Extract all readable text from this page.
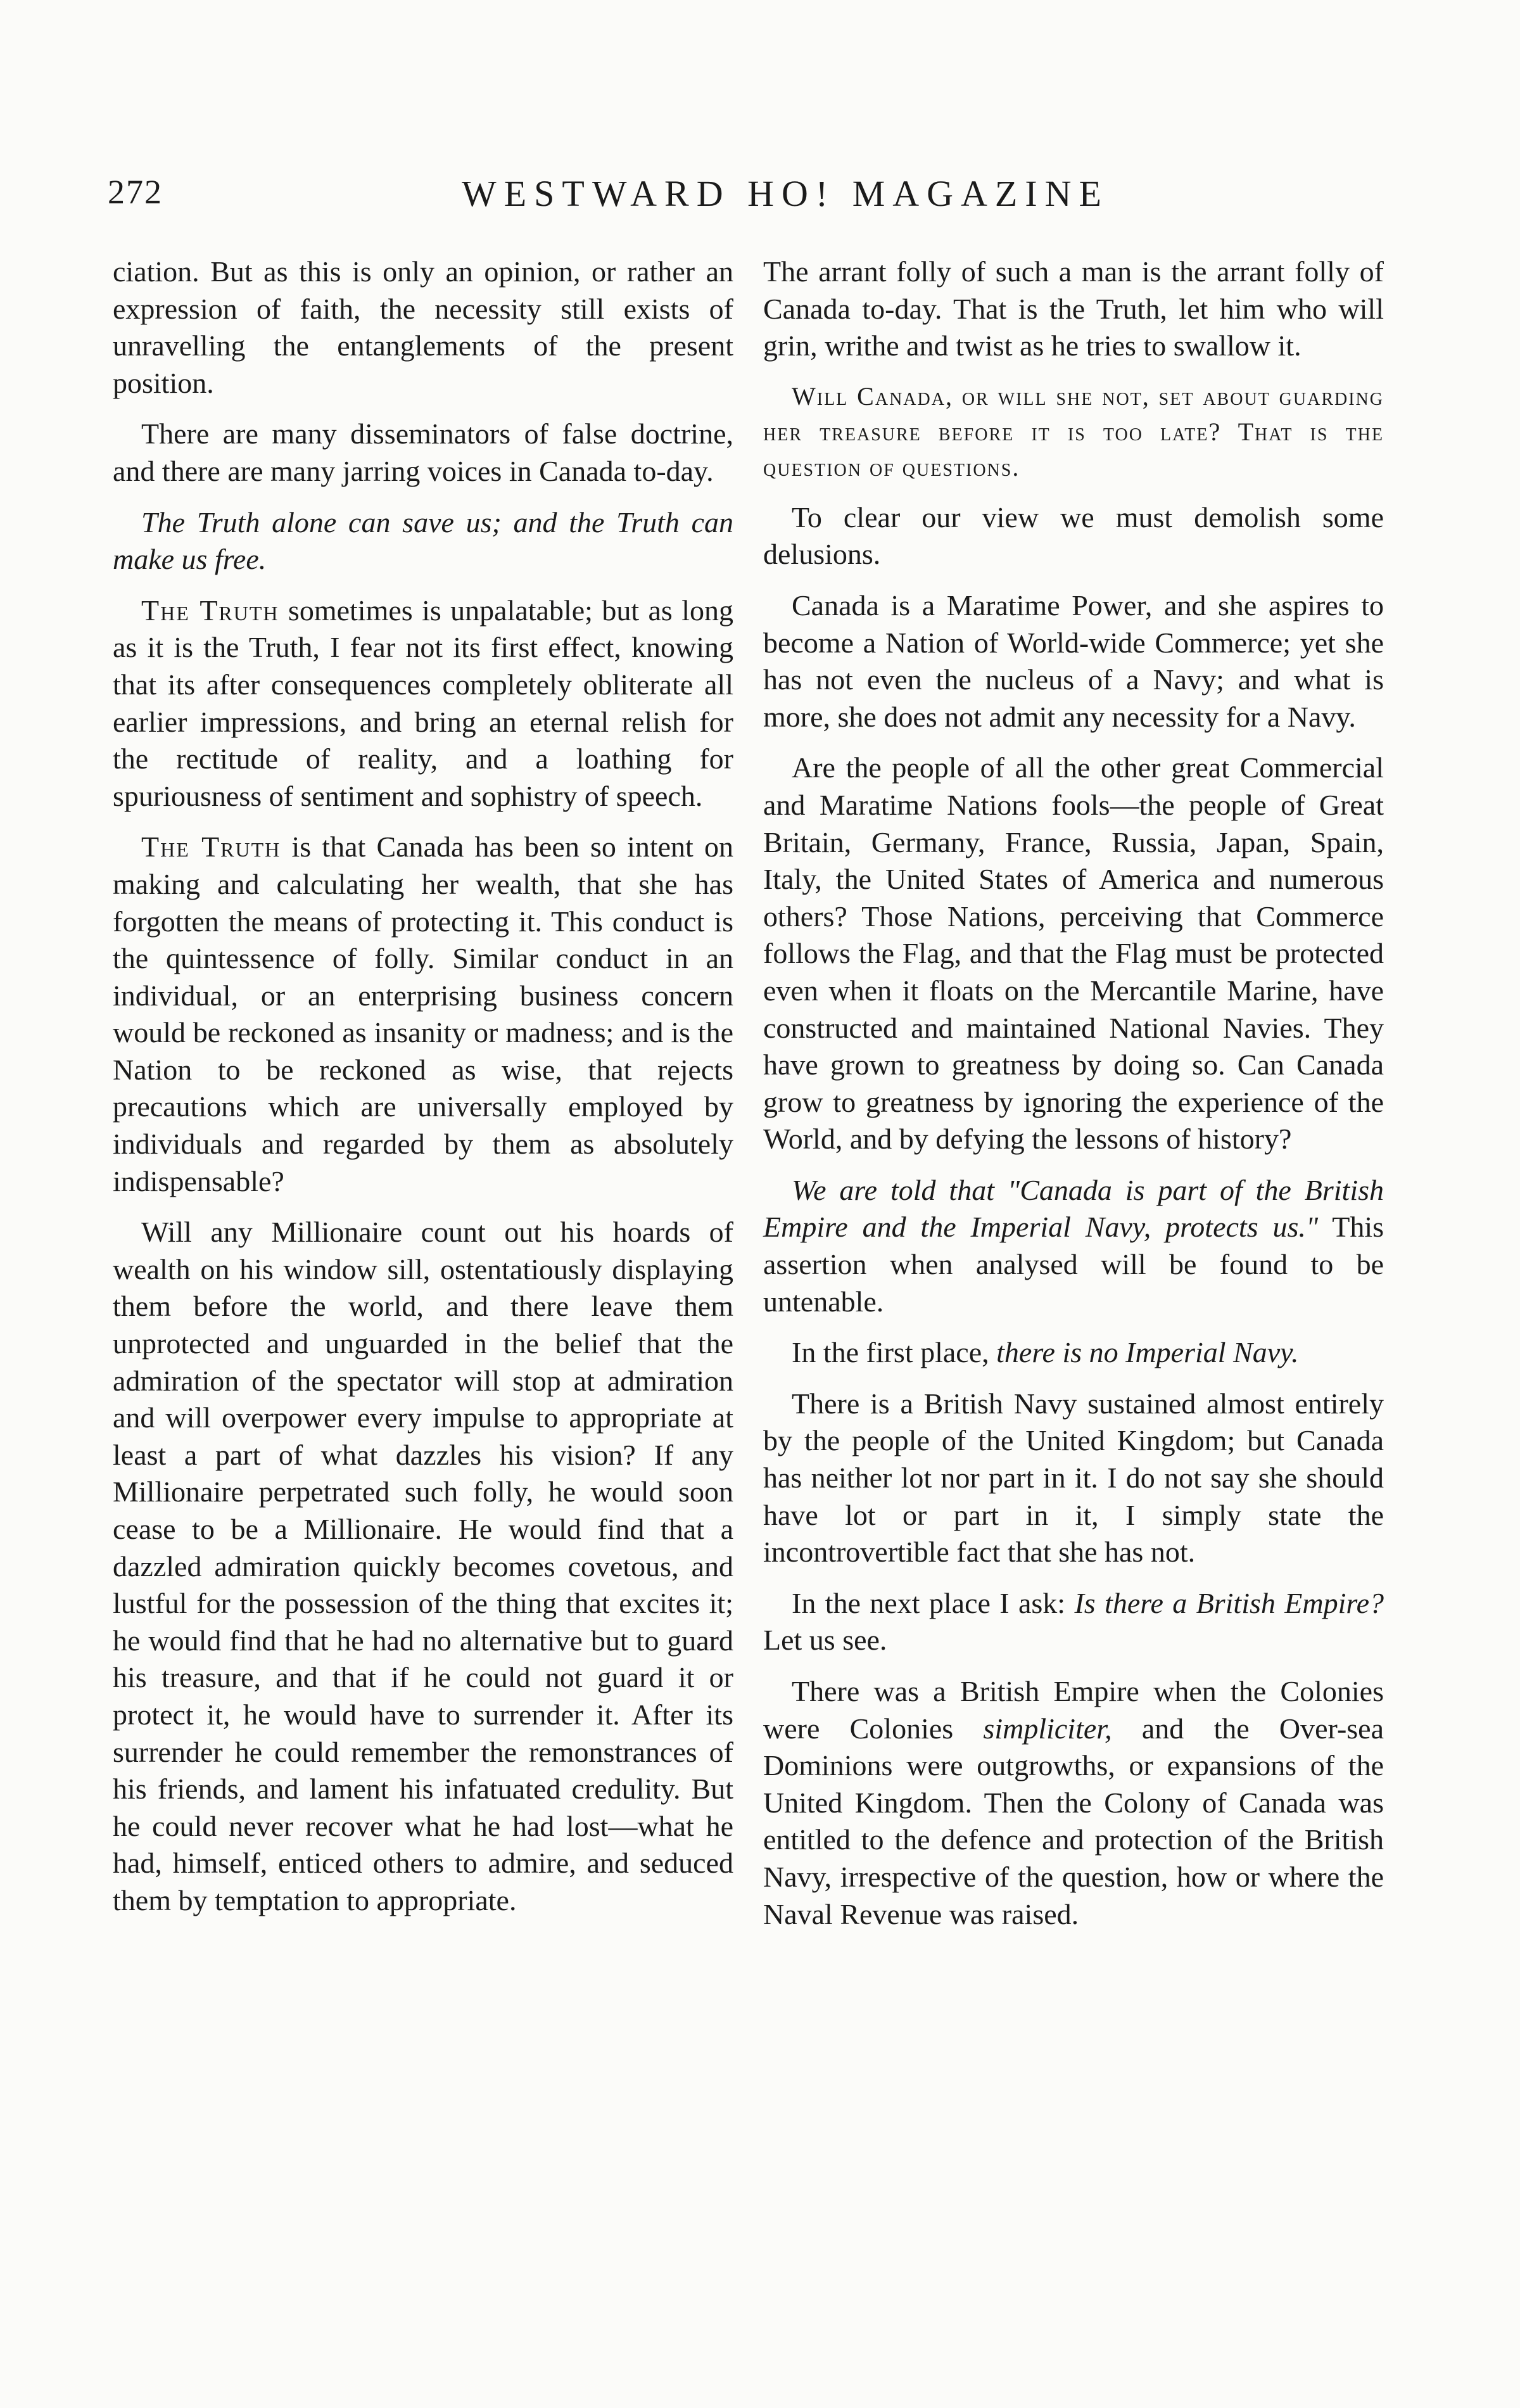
272	WESTWARD HO! MAGAZINE

ciation. But as this is only an opinion, or rather an expression of faith, the necessity still exists of unravelling the entanglements of the present position.

There are many disseminators of false doctrine, and there are many jarring voices in Canada to-day.

The Truth alone can save us; and the Truth can make us free.

The Truth sometimes is unpalatable; but as long as it is the Truth, I fear not its first effect, knowing that its after consequences completely obliterate all earlier impressions, and bring an eternal relish for the rectitude of reality, and a loathing for spuriousness of sentiment and sophistry of speech.

The Truth is that Canada has been so intent on making and calculating her wealth, that she has forgotten the means of protecting it. This conduct is the quintessence of folly. Similar conduct in an individual, or an enterprising business concern would be reckoned as insanity or madness; and is the Nation to be reckoned as wise, that rejects precautions which are universally employed by individuals and regarded by them as absolutely indispensable?

Will any Millionaire count out his hoards of wealth on his window sill, ostentatiously displaying them before the world, and there leave them unprotected and unguarded in the belief that the admiration of the spectator will stop at admiration and will overpower every impulse to appropriate at least a part of what dazzles his vision? If any Millionaire perpetrated such folly, he would soon cease to be a Millionaire. He would find that a dazzled admiration quickly becomes covetous, and lustful for the possession of the thing that excites it; he would find that he had no alternative but to guard his treasure, and that if he could not guard it or protect it, he would have to surrender it. After its surrender he could remember the remonstrances of his friends, and lament his infatuated credulity. But he could never recover what he had lost—what he had, himself, enticed others to admire, and seduced them by temptation to appropriate.

The arrant folly of such a man is the arrant folly of Canada to-day. That is the Truth, let him who will grin, writhe and twist as he tries to swallow it.

Will Canada, or will she not, set about guarding her treasure before it is too late? That is the question of questions.

To clear our view we must demolish some delusions.

Canada is a Maratime Power, and she aspires to become a Nation of World-wide Commerce; yet she has not even the nucleus of a Navy; and what is more, she does not admit any necessity for a Navy.

Are the people of all the other great Commercial and Maratime Nations fools—the people of Great Britain, Germany, France, Russia, Japan, Spain, Italy, the United States of America and numerous others? Those Nations, perceiving that Commerce follows the Flag, and that the Flag must be protected even when it floats on the Mercantile Marine, have constructed and maintained National Navies. They have grown to greatness by doing so. Can Canada grow to greatness by ignoring the experience of the World, and by defying the lessons of history?

We are told that "Canada is part of the British Empire and the Imperial Navy, protects us." This assertion when analysed will be found to be untenable.

In the first place, there is no Imperial Navy.

There is a British Navy sustained almost entirely by the people of the United Kingdom; but Canada has neither lot nor part in it. I do not say she should have lot or part in it, I simply state the incontrovertible fact that she has not.

In the next place I ask: Is there a British Empire? Let us see.

There was a British Empire when the Colonies were Colonies simpliciter, and the Over-sea Dominions were outgrowths, or expansions of the United Kingdom. Then the Colony of Canada was entitled to the defence and protection of the British Navy, irrespective of the question, how or where the Naval Revenue was raised.
